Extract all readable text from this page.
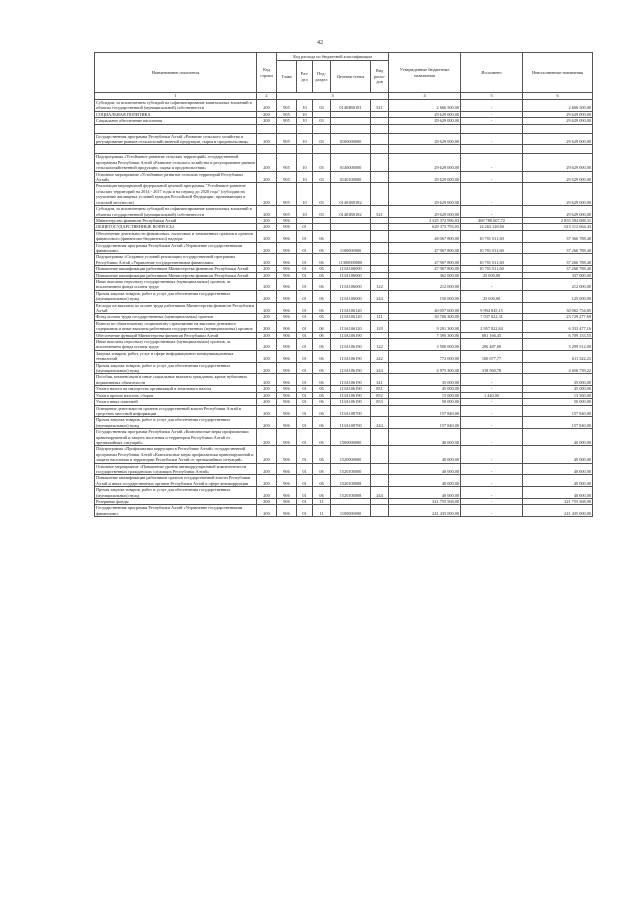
42
Наименование показателя	Код строки	Код расхода по бюджетной классификации					Утвержденные бюджетные назначения	Исполнено	Неисполненные назначения
		Глава	Раз-дел	Под-раздел	Целевая статья	Вид расхо-дов			
1	2	3					4	5	6
Субсидии, за исключением субсидий на софинансирование капитальных вложений в объекты государственной (муниципальной) собственности	200	905	10	03	01403R0181	521	2 666 500,00	-	2 666 500,00
СОЦИАЛЬНАЯ ПОЛИТИКА	200	905	10				29 629 000,00	-	29 629 000,00
Социальное обеспечение населения	200	905	10	03			29 629 000,00	-	29 629 000,00

Государственная программа Республики Алтай «Развитие сельского хозяйства и регулирование рынков сельскохозяйственной продукции, сырья и продовольствия»	200	905	10	03	0100000000		29 629 000,00	-	29 629 000,00

Подпрограмма «Устойчивое развитие сельских территорий» государственной программы Республики Алтай «Развитие сельского хозяйства и регулирование рынков сельскохозяйственной продукции, сырья и продовольствия»	200	905	10	03	0140000000		29 629 000,00	-	29 629 000,00
Основное мероприятие «Устойчивое развитие сельских территорий Республики Алтай»	200	905	10	03	0140100000		29 629 000,00	-	29 629 000,00
Реализация мероприятий федеральной целевой программы "Устойчивое развитие сельских территорий на 2014 - 2017 годы и на период до 2020 года" (субсидии на улучшение жилищных условий граждан Российской Федерации, проживающих в сельской местности)	200	905	10	03	01401R0182		29 629 000,00	-	29 629 000,00
Субсидии, за исключением субсидий на софинансирование капитальных вложений в объекты государственной (муниципальной) собственности	200	905	10	03	01401R0182	521	29 629 000,00	-	29 629 000,00
Министерство финансов Республики Алтай	200	906					3 325 372 996,03	469 788 607,72	2 855 584 088,31
ОБЩЕГОСУДАРСТВЕННЫЕ ВОПРОСЫ	200	906	01				629 375 793,03	14 263 128,60	615 112 664,43
Обеспечение деятельности финансовых, налоговых и таможенных органов и органов финансового (финансово-бюджетного) надзора	200	906	01	06			48 067 800,00	10 701 011,60	37 366 788,40
Государственная программа Республики Алтай «Управление государственными финансами»	200	906	01	06	1100000000		47 967 800,00	10 701 011,60	37 266 788,40
Подпрограмма «Создание условий реализации государственной программы Республики Алтай «Управление государственными финансами»	200	906	01	06	11300000000		47 967 800,00	10 701 011,60	37 266 788,40
Повышение квалификации работников Министерства финансов Республики Алтай	200	906	01	06	113А100000		47 967 800,00	10 701 011,60	37 266 788,40
Повышение квалификации работников Министерства финансов Республики Алтай	200	906	01	06	113А106000		362 000,00	25 000,00	337 000,00
Иные выплаты персоналу государственных (муниципальных) органов, за исключением фонда оплаты труда	200	906	01	06	113А106000	122	212 000,00	-	212 000,00
Прочая закупка товаров, работ и услуг для обеспечения государственных (муниципальных) нужд	200	906	01	06	113А106000	244	150 000,00	25 000,00	125 000,00
Расходы на выплаты по оплате труда работников Министерства финансов Республики Алтай	200	906	01	06	113А106120		40 057 600,00	9 994 845,15	30 062 754,85
Фонд оплаты труда государственных (муниципальных) органов	200	906	01	06	113А106120	121	30 766 300,00	7 037 022,31	23 729 277,69
Взносы по обязательному социальному страхованию на выплаты денежного содержания и иные выплаты работникам государственных (муниципальных) органов	200	906	01	06	113А106120	129	9 291 300,00	2 957 822,84	6 333 477,16
Обеспечение функций Министерства финансов Республики Алтай	200	906	01	06	113А106190		7 390 300,00	681 166,45	6 709 133,55
Иные выплаты персоналу государственных (муниципальных) органов, за исключением фонда оплаты труда	200	906	01	06	113А106190	122	3 500 000,00	200 487,00	3 299 512,00
Закупка товаров, работ, услуг в сфере информационно-коммуникационных технологий	200	906	01	06	113А106190	242	772 000,00	160 677,77	611 322,23
Прочая закупка товаров, работ и услуг для обеспечения государственных (муниципальных) нужд	200	906	01	06	113А106190	244	4 975 300,00	318 560,78	4 656 739,22
Пособия, компенсации и иные социальные выплаты гражданам, кроме публичных нормативных обязательств	200	906	01	06	113А106190	321	35 000,00	-	35 000,00
Уплата налога на имущество организаций и земельного налога	200	906	01	06	113А106190	851	45 000,00	-	45 000,00
Уплата прочих налогов, сборов	200	906	01	06	113А106190	852	15 000,00	1 440,00	13 560,00
Уплата иных платежей	200	906	01	06	113А106190	853	50 000,00	-	50 000,00
Освещение деятельности органов государственной власти Республики Алтай в средствах массовой информации	200	906	01	06	113А108700		157 840,00	-	157 840,00
Прочая закупка товаров, работ и услуг для обеспечения государственных (муниципальных) нужд	200	906	01	06	113А108700	244	157 840,00	-	157 840,00
Государственная программа Республики Алтай «Комплексные меры профилактики правонарушений и защита населения и территории Республики Алтай от чрезвычайных ситуаций»	200	906	01	06	1500000000		40 000,00	-	40 000,00
Подпрограмма «Профилактика коррупции в Республике Алтай» государственной программы Республики Алтай «Комплексные меры профилактики правонарушений и защита населения и территории Республики Алтай от чрезвычайных ситуаций»	200	906	01	06	1520000000		40 000,00	-	40 000,00
Основное мероприятие «Повышение уровня антикоррупционной компетентности государственных гражданских служащих Республики Алтай»	200	906	01	06	1520100000		40 000,00	-	40 000,00
Повышение квалификации работников органов государственной власти Республики Алтай и иных государственных органов Республики Алтай в сфере антикоррупции	200	906	01	06	1520100008		40 000,00	-	40 000,00
Прочая закупка товаров, работ и услуг для обеспечения государственных (муниципальных) нужд	200	906	01	06	1520100008	244	40 000,00	-	40 000,00
Резервные фонды	200	906	01	11			321 755 568,00	-	321 755 568,00
Государственная программа Республики Алтай «Управление государственными финансами»	200	906	01	11	1100000000		241 435 000,00	-	241 435 000,00
